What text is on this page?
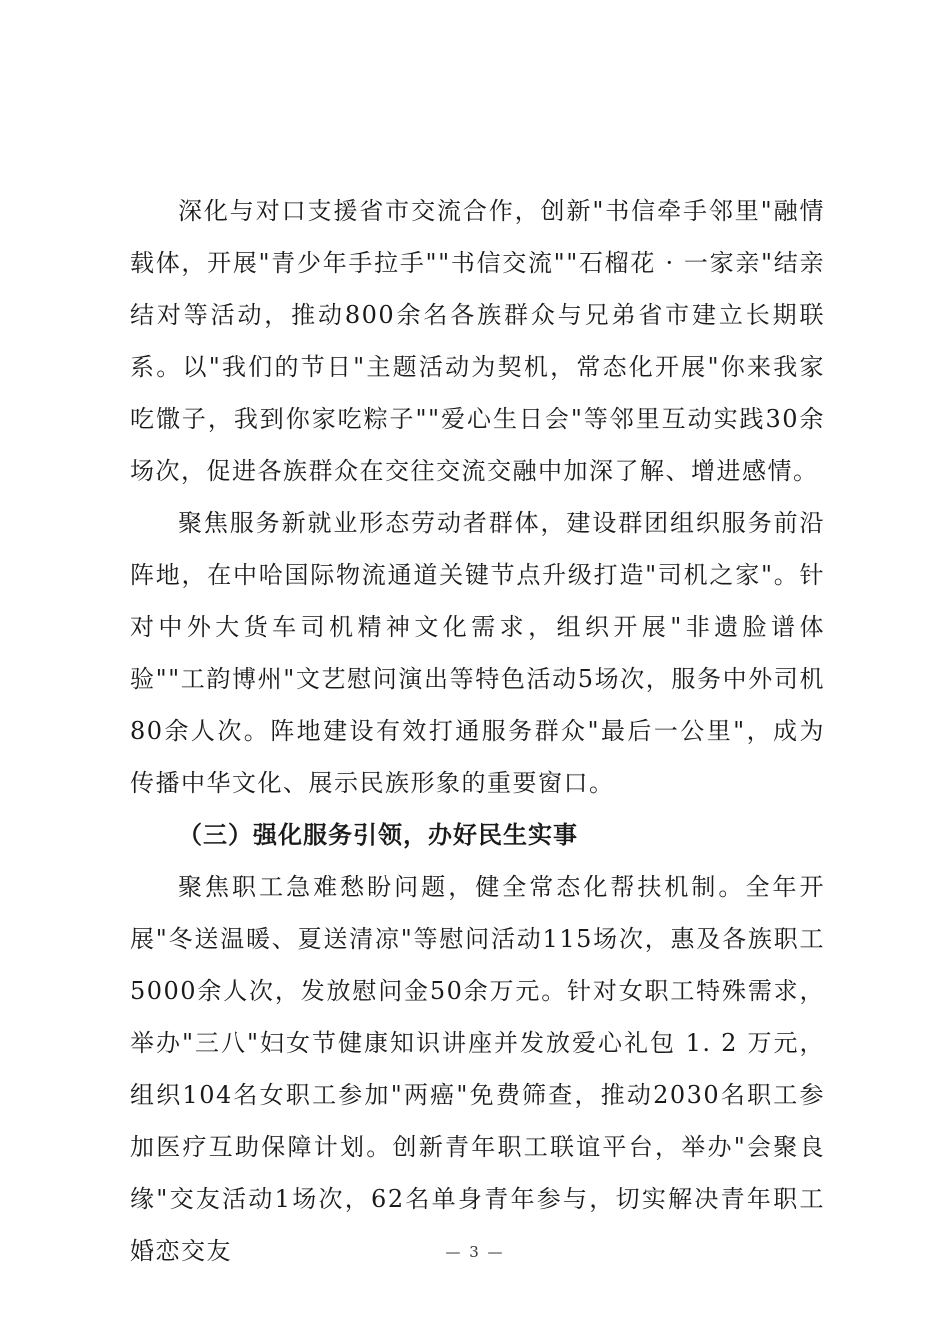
深化与对口支援省市交流合作，创新"书信牵手邻里"融情载体，开展"青少年手拉手""书信交流""石榴花 · 一家亲"结亲结对等活动，推动800余名各族群众与兄弟省市建立长期联系。以"我们的节日"主题活动为契机，常态化开展"你来我家吃馓子，我到你家吃粽子""爱心生日会"等邻里互动实践30余场次，促进各族群众在交往交流交融中加深了解、增进感情。

聚焦服务新就业形态劳动者群体，建设群团组织服务前沿阵地，在中哈国际物流通道关键节点升级打造"司机之家"。针对中外大货车司机精神文化需求，组织开展"非遗脸谱体验""工韵博州"文艺慰问演出等特色活动5场次，服务中外司机80余人次。阵地建设有效打通服务群众"最后一公里"，成为传播中华文化、展示民族形象的重要窗口。

（三）强化服务引领，办好民生实事

聚焦职工急难愁盼问题，健全常态化帮扶机制。全年开展"冬送温暖、夏送清凉"等慰问活动115场次，惠及各族职工5000余人次，发放慰问金50余万元。针对女职工特殊需求，举办"三八"妇女节健康知识讲座并发放爱心礼包 1. 2 万元，组织104名女职工参加"两癌"免费筛查，推动2030名职工参加医疗互助保障计划。创新青年职工联谊平台，举办"会聚良缘"交友活动1场次，62名单身青年参与，切实解决青年职工婚恋交友	— 3 —
